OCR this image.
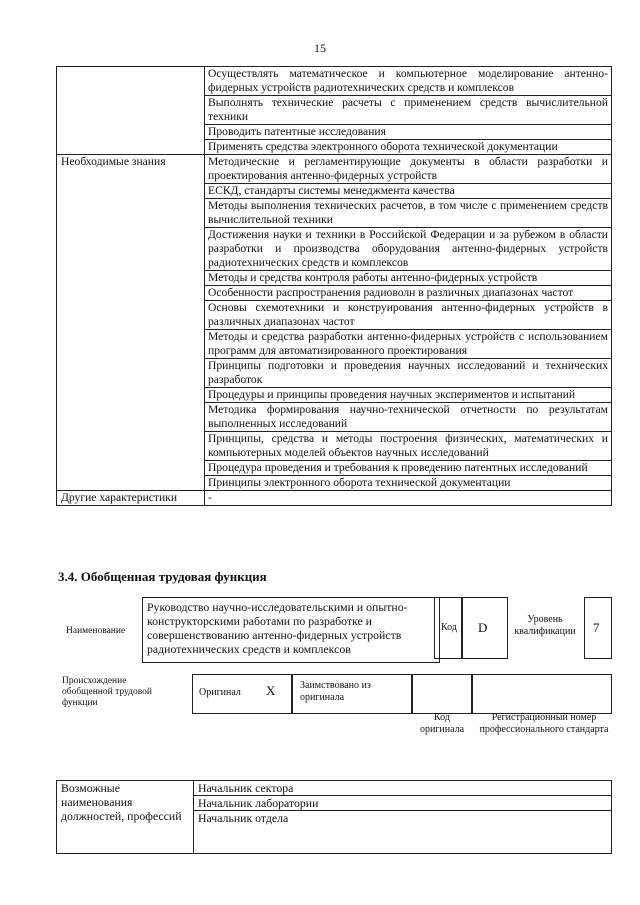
15
	Осуществлять математическое и компьютерное моделирование антенно-фидерных устройств радиотехнических средств и комплексов
	Выполнять технические расчеты с применением средств вычислительной техники
	Проводить патентные исследования
	Применять средства электронного оборота технической документации
Необходимые знания	Методические и регламентирующие документы в области разработки и проектирования антенно-фидерных устройств
	ЕСКД, стандарты системы менеджмента качества
	Методы выполнения технических расчетов, в том числе с применением средств вычислительной техники
	Достижения науки и техники в Российской Федерации и за рубежом в области разработки и производства оборудования антенно-фидерных устройств радиотехнических средств и комплексов
	Методы и средства контроля работы антенно-фидерных устройств
	Особенности распространения радиоволн в различных диапазонах частот
	Основы схемотехники и конструирования антенно-фидерных устройств в различных диапазонах частот
	Методы и средства разработки антенно-фидерных устройств с использованием программ для автоматизированного проектирования
	Принципы подготовки и проведения научных исследований и технических разработок
	Процедуры и принципы проведения научных экспериментов и испытаний
	Методика формирования научно-технической отчетности по результатам выполненных исследований
	Принципы, средства и методы построения физических, математических и компьютерных моделей объектов научных исследований
	Процедура проведения и требования к проведению патентных исследований
	Принципы электронного оборота технической документации
Другие характеристики	-
3.4. Обобщенная трудовая функция
Наименование
Руководство научно-исследовательскими и опытно-конструкторскими работами по разработке и совершенствованию антенно-фидерных устройств радиотехнических средств и комплексов
Код D
Уровень квалификации	7
Происхождение обобщенной трудовой функции
Оригинал X Заимствовано из оригинала
Код оригинала
Регистрационный номер профессионального стандарта
Возможные наименования должностей, профессий	Начальник сектора
Начальник лаборатории
Начальник отдела
